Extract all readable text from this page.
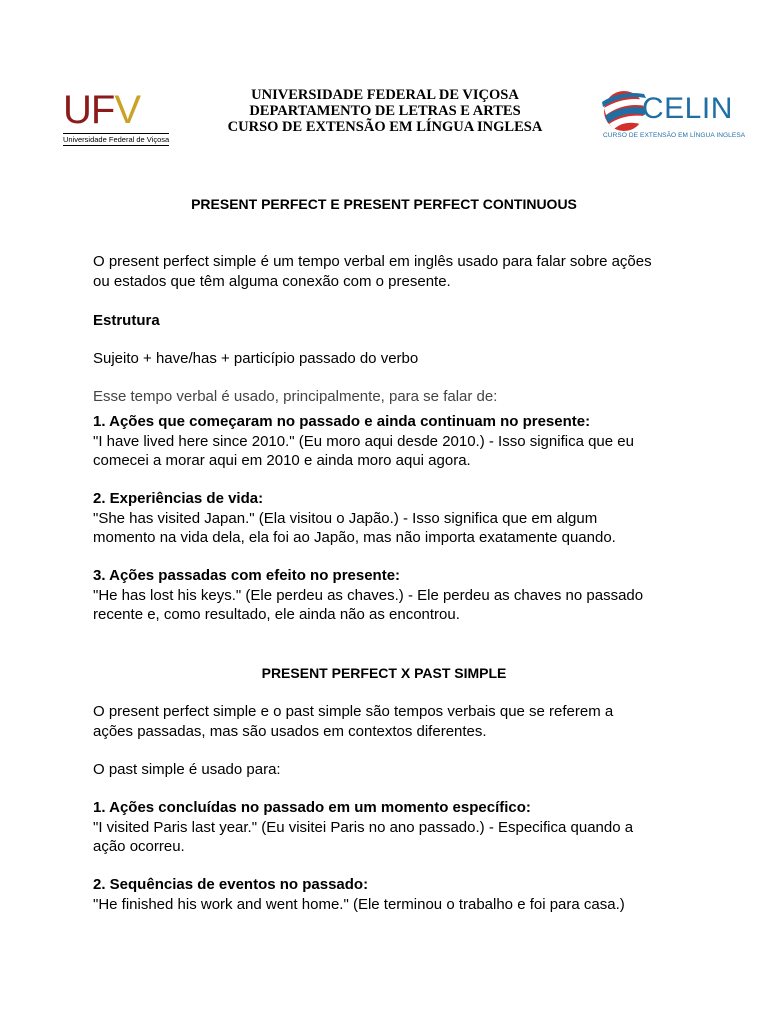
UFV
Universidade Federal de Viçosa
UNIVERSIDADE FEDERAL DE VIÇOSA
DEPARTAMENTO DE LETRAS E ARTES
CURSO DE EXTENSÃO EM LÍNGUA INGLESA
CELIN
CURSO DE EXTENSÃO EM LÍNGUA INGLESA
PRESENT PERFECT E PRESENT PERFECT CONTINUOUS
O present perfect simple é um tempo verbal em inglês usado para falar sobre ações
ou estados que têm alguma conexão com o presente.
Estrutura
Sujeito + have/has + particípio passado do verbo
Esse tempo verbal é usado, principalmente, para se falar de:
1. Ações que começaram no passado e ainda continuam no presente:
"I have lived here since 2010." (Eu moro aqui desde 2010.) - Isso significa que eu
comecei a morar aqui em 2010 e ainda moro aqui agora.
2. Experiências de vida:
"She has visited Japan." (Ela visitou o Japão.) - Isso significa que em algum
momento na vida dela, ela foi ao Japão, mas não importa exatamente quando.
3. Ações passadas com efeito no presente:
"He has lost his keys." (Ele perdeu as chaves.) - Ele perdeu as chaves no passado
recente e, como resultado, ele ainda não as encontrou.
PRESENT PERFECT X PAST SIMPLE
O present perfect simple e o past simple são tempos verbais que se referem a
ações passadas, mas são usados em contextos diferentes.
O past simple é usado para:
1. Ações concluídas no passado em um momento específico:
"I visited Paris last year." (Eu visitei Paris no ano passado.) - Especifica quando a
ação ocorreu.
2. Sequências de eventos no passado:
"He finished his work and went home." (Ele terminou o trabalho e foi para casa.)
